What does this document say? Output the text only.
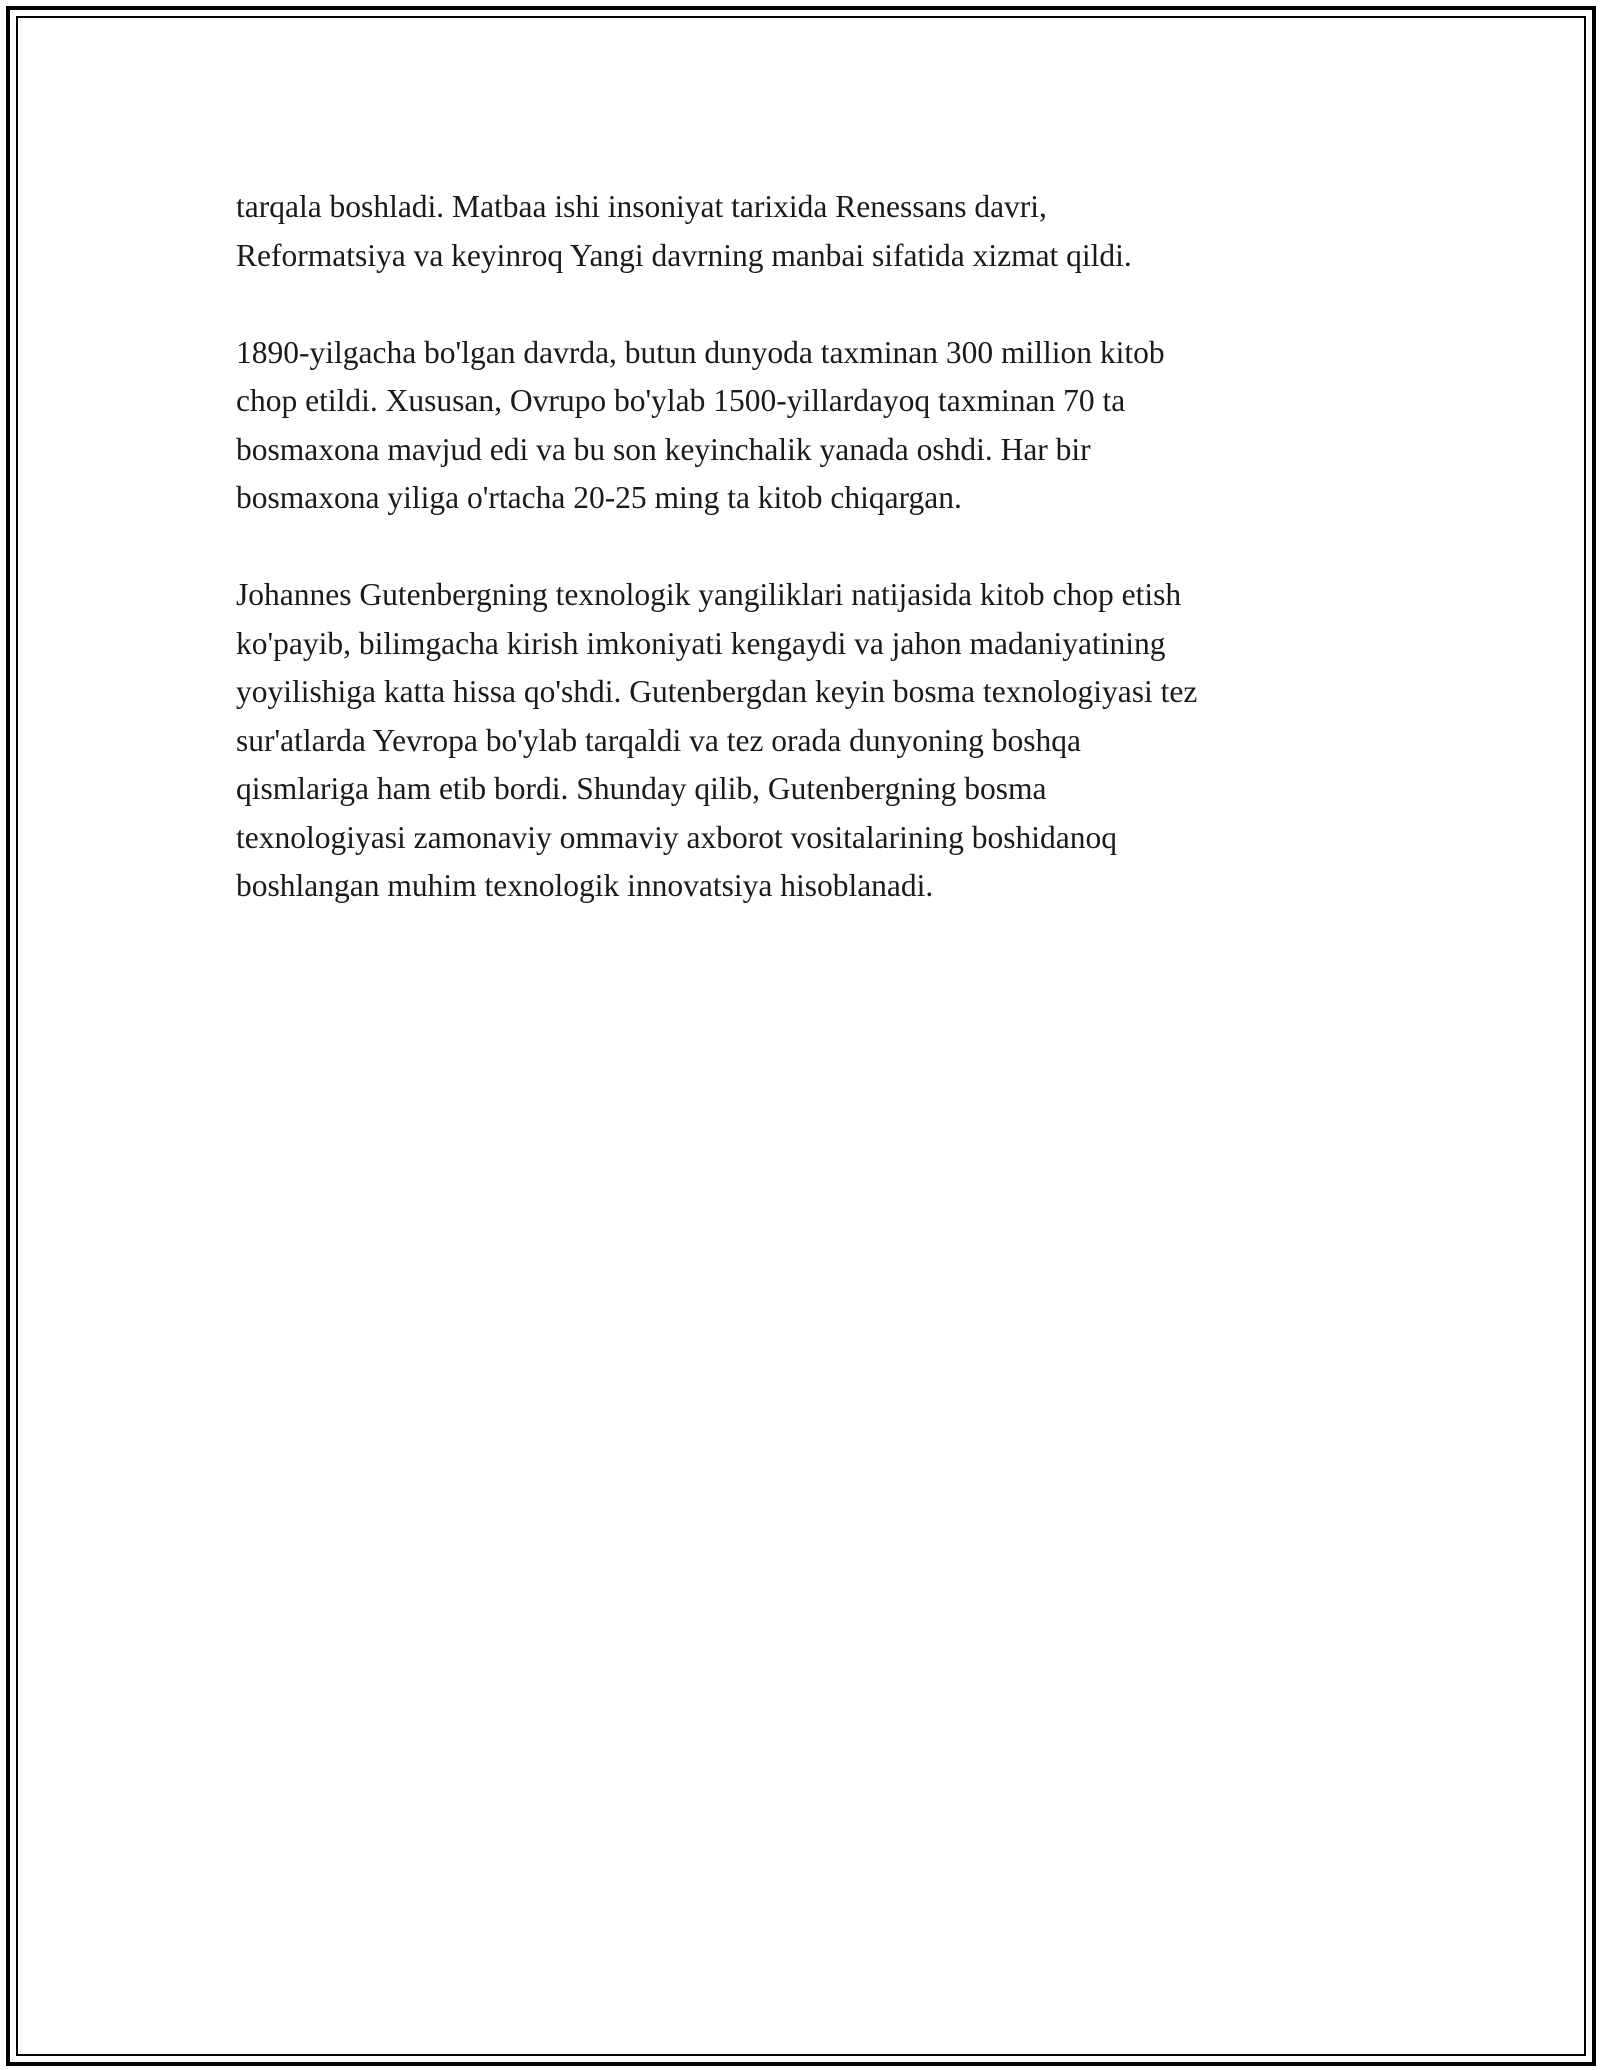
tarqala boshladi. Matbaa ishi insoniyat tarixida Renessans davri,
Reformatsiya va keyinroq Yangi davrning manbai sifatida xizmat qildi.

1890-yilgacha bo'lgan davrda, butun dunyoda taxminan 300 million kitob
chop etildi. Xususan, Ovrupo bo'ylab 1500-yillardayoq taxminan 70 ta
bosmaxona mavjud edi va bu son keyinchalik yanada oshdi. Har bir
bosmaxona yiliga o'rtacha 20-25 ming ta kitob chiqargan.

Johannes Gutenbergning texnologik yangiliklari natijasida kitob chop etish
ko'payib, bilimgacha kirish imkoniyati kengaydi va jahon madaniyatining
yoyilishiga katta hissa qo'shdi. Gutenbergdan keyin bosma texnologiyasi tez
sur'atlarda Yevropa bo'ylab tarqaldi va tez orada dunyoning boshqa
qismlariga ham etib bordi. Shunday qilib, Gutenbergning bosma
texnologiyasi zamonaviy ommaviy axborot vositalarining boshidanoq
boshlangan muhim texnologik innovatsiya hisoblanadi.
